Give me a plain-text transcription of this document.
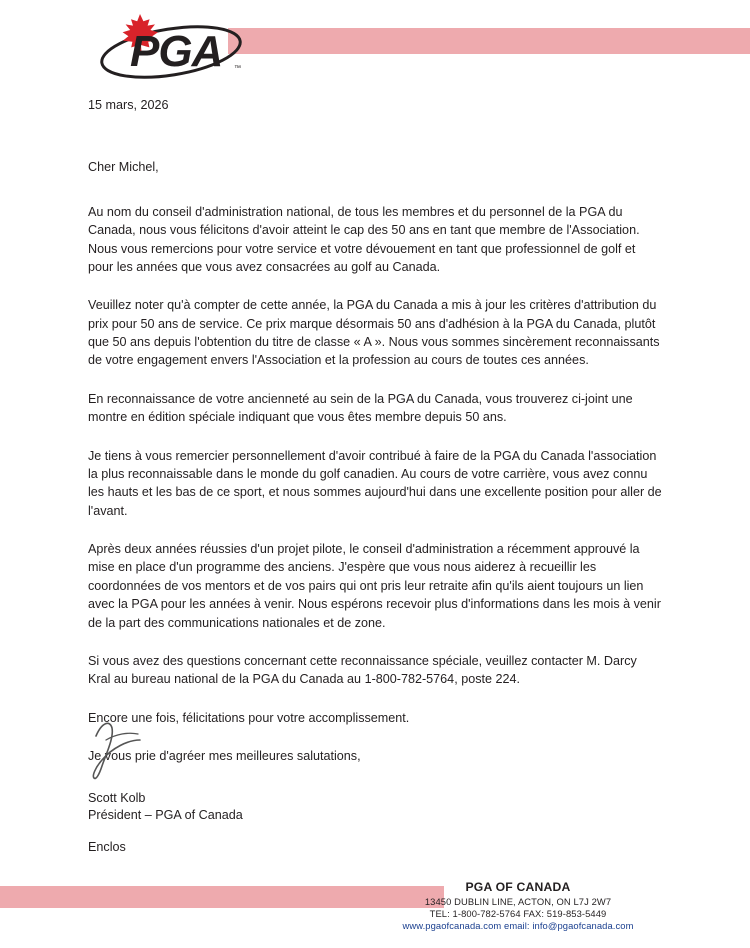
PGA ™

15 mars, 2026

Cher Michel,

Au nom du conseil d'administration national, de tous les membres et du personnel de la PGA du Canada, nous vous félicitons d'avoir atteint le cap des 50 ans en tant que membre de l'Association. Nous vous remercions pour votre service et votre dévouement en tant que professionnel de golf et pour les années que vous avez consacrées au golf au Canada.

Veuillez noter qu'à compter de cette année, la PGA du Canada a mis à jour les critères d'attribution du prix pour 50 ans de service. Ce prix marque désormais 50 ans d'adhésion à la PGA du Canada, plutôt que 50 ans depuis l'obtention du titre de classe « A ». Nous vous sommes sincèrement reconnaissants de votre engagement envers l'Association et la profession au cours de toutes ces années.

En reconnaissance de votre ancienneté au sein de la PGA du Canada, vous trouverez ci-joint une montre en édition spéciale indiquant que vous êtes membre depuis 50 ans.

Je tiens à vous remercier personnellement d'avoir contribué à faire de la PGA du Canada l'association la plus reconnaissable dans le monde du golf canadien. Au cours de votre carrière, vous avez connu les hauts et les bas de ce sport, et nous sommes aujourd'hui dans une excellente position pour aller de l'avant.

Après deux années réussies d'un projet pilote, le conseil d'administration a récemment approuvé la mise en place d'un programme des anciens. J'espère que vous nous aiderez à recueillir les coordonnées de vos mentors et de vos pairs qui ont pris leur retraite afin qu'ils aient toujours un lien avec la PGA pour les années à venir. Nous espérons recevoir plus d'informations dans les mois à venir de la part des communications nationales et de zone.

Si vous avez des questions concernant cette reconnaissance spéciale, veuillez contacter M. Darcy Kral au bureau national de la PGA du Canada au 1-800-782-5764, poste 224.

Encore une fois, félicitations pour votre accomplissement.

Je vous prie d'agréer mes meilleures salutations,

Scott Kolb

Président – PGA of Canada

Enclos

PGA OF CANADA

13450 DUBLIN LINE, ACTON, ON L7J 2W7

TEL: 1-800-782-5764 FAX: 519-853-5449

www.pgaofcanada.com email: info@pgaofcanada.com
